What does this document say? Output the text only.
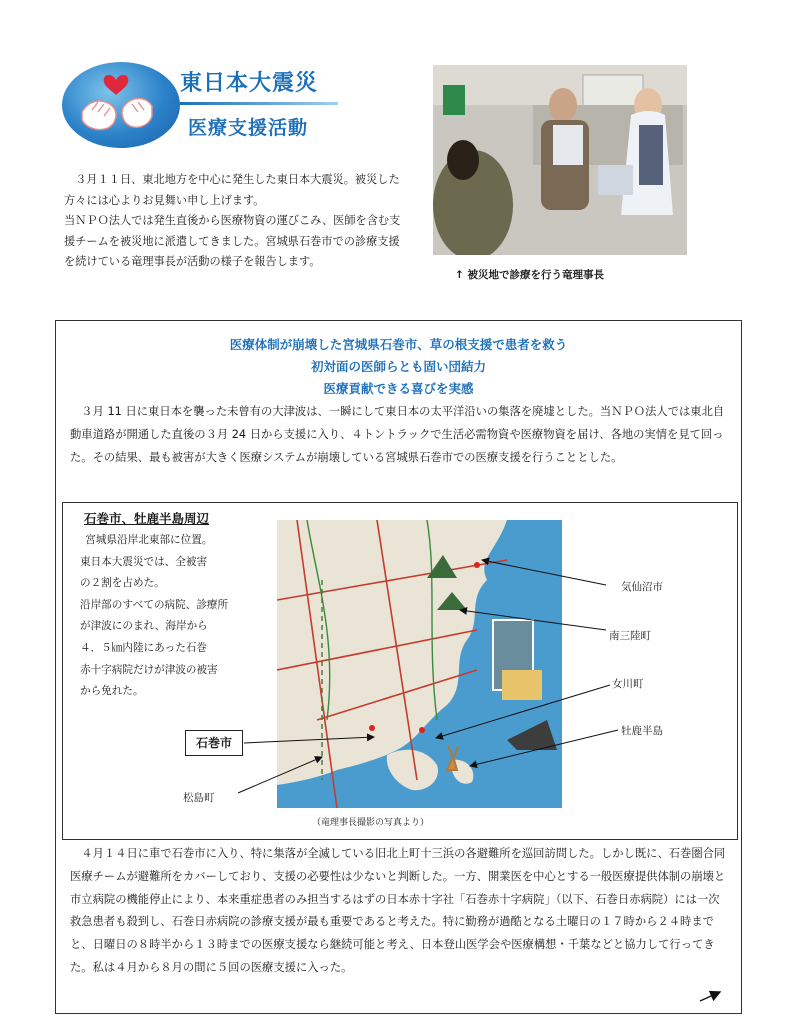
東日本大震災
医療支援活動

３月１１日、東北地方を中心に発生した東日本大震災。被災した方々には心よりお見舞い申し上げます。

当ＮＰＯ法人では発生直後から医療物資の運びこみ、医師を含む支援チームを被災地に派遣してきました。宮城県石巻市での診療支援を続けている竜理事長が活動の様子を報告します。

↑ 被災地で診療を行う竜理事長
医療体制が崩壊した宮城県石巻市、草の根支援で患者を救う
初対面の医師らとも固い団結力
医療貢献できる喜びを実感

３月 11 日に東日本を襲った未曾有の大津波は、一瞬にして東日本の太平洋沿いの集落を廃墟とした。当ＮＰＯ法人では東北自動車道路が開通した直後の３月 24 日から支援に入り、４トントラックで生活必需物資や医療物資を届け、各地の実情を見て回った。その結果、最も被害が大きく医療システムが崩壊している宮城県石巻市での医療支援を行うこととした。

４月１４日に車で石巻市に入り、特に集落が全滅している旧北上町十三浜の各避難所を巡回訪問した。しかし既に、石巻圏合同医療チームが避難所をカバーしており、支援の必要性は少ないと判断した。一方、開業医を中心とする一般医療提供体制の崩壊と市立病院の機能停止により、本来重症患者のみ担当するはずの日本赤十字社「石巻赤十字病院」（以下、石巻日赤病院）には一次救急患者も殺到し、石巻日赤病院の診療支援が最も重要であると考えた。特に勤務が過酷となる土曜日の１７時から２４時までと、日曜日の８時半から１３時までの医療支援なら継続可能と考え、日本登山医学会や医療構想・千葉などと協力して行ってきた。私は４月から８月の間に５回の医療支援に入った。

石巻市、牡鹿半島周辺

宮城県沿岸北東部に位置。

東日本大震災では、全被害

の２割を占めた。

沿岸部のすべての病院、診療所

が津波にのまれ、海岸から

４．５㎞内陸にあった石巻

赤十字病院だけが津波の被害

から免れた。

（竜理事長撮影の写真より）
石巻市
気仙沼市
南三陸町
女川町
牡鹿半島
松島町
